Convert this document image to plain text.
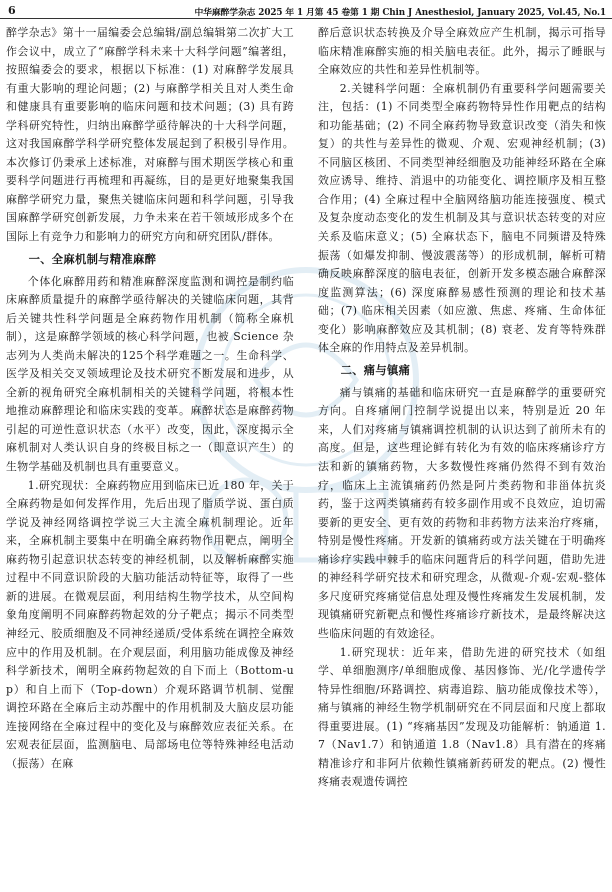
6	中华麻醉学杂志 2025 年 1 月第 45 卷第 1 期 Chin J Anesthesiol, January 2025, Vol.45, No.1

醉学杂志》第十一届编委会总编辑/副总编辑第二次扩大工作会议中，成立了“麻醉学科未来十大科学问题”编著组，按照编委会的要求，根据以下标准：(1) 对麻醉学发展具有重大影响的理论问题；(2) 与麻醉学相关且对人类生命和健康具有重要影响的临床问题和技术问题；(3) 具有跨学科研究特性，归纳出麻醉学亟待解决的十大科学问题，这对我国麻醉学科学研究整体发展起到了积极引导作用。本次修订仍秉承上述标准，对麻醉与围术期医学核心和重要科学问题进行再梳理和再凝练，目的是更好地聚集我国麻醉学研究力量，聚焦关键临床问题和科学问题，引导我国麻醉学研究创新发展，力争未来在若干领域形成多个在国际上有竞争力和影响力的研究方向和研究团队/群体。

一、全麻机制与精准麻醉

个体化麻醉用药和精准麻醉深度监测和调控是制约临床麻醉质量提升的麻醉学亟待解决的关键临床问题，其背后关键共性科学问题是全麻药物作用机制（简称全麻机制），这是麻醉学领域的核心科学问题，也被 Science 杂志列为人类尚未解决的125个科学难题之一。生命科学、医学及相关交叉领域理论及技术研究不断发展和进步，从全新的视角研究全麻机制相关的关键科学问题，将根本性地推动麻醉理论和临床实践的变革。麻醉状态是麻醉药物引起的可逆性意识状态（水平）改变，因此，深度揭示全麻机制对人类认识自身的终极目标之一（即意识产生）的生物学基础及机制也具有重要意义。

1.研究现状：全麻药物应用到临床已近 180 年，关于全麻药物是如何发挥作用，先后出现了脂质学说、蛋白质学说及神经网络调控学说三大主流全麻机制理论。近年来，全麻机制主要集中在明确全麻药物作用靶点，阐明全麻药物引起意识状态转变的神经机制，以及解析麻醉实施过程中不同意识阶段的大脑功能活动特征等，取得了一些新的进展。在微观层面，利用结构生物学技术，从空间构象角度阐明不同麻醉药物起效的分子靶点；揭示不同类型神经元、胶质细胞及不同神经递质/受体系统在调控全麻效应中的作用及机制。在介观层面，利用脑功能成像及神经科学新技术，阐明全麻药物起效的自下而上（Bottom-up）和自上而下（Top-down）介观环路调节机制、觉醒调控环路在全麻后主动苏醒中的作用机制及大脑皮层功能连接网络在全麻过程中的变化及与麻醉效应表征关系。在宏观表征层面，监测脑电、局部场电位等特殊神经电活动（振荡）在麻

醉后意识状态转换及介导全麻效应产生机制，揭示可指导临床精准麻醉实施的相关脑电表征。此外，揭示了睡眠与全麻效应的共性和差异性机制等。

2.关键科学问题：全麻机制仍有重要科学问题需要关注，包括：(1) 不同类型全麻药物特异性作用靶点的结构和功能基础；(2) 不同全麻药物导致意识改变（消失和恢复）的共性与差异性的微观、介观、宏观神经机制；(3) 不同脑区核团、不同类型神经细胞及功能神经环路在全麻效应诱导、维持、消退中的功能变化、调控顺序及相互整合作用；(4) 全麻过程中全脑网络脑功能连接强度、模式及复杂度动态变化的发生机制及其与意识状态转变的对应关系及临床意义；(5) 全麻状态下，脑电不同频谱及特殊振荡（如爆发抑制、慢波震荡等）的形成机制，解析可精确反映麻醉深度的脑电表征，创新开发多模态融合麻醉深度监测算法；(6) 深度麻醉易感性预测的理论和技术基础；(7) 临床相关因素（如应激、焦虑、疼痛、生命体征变化）影响麻醉效应及其机制；(8) 衰老、发育等特殊群体全麻的作用特点及差异机制。

二、痛与镇痛

痛与镇痛的基础和临床研究一直是麻醉学的重要研究方向。自疼痛闸门控制学说提出以来，特别是近 20 年来，人们对疼痛与镇痛调控机制的认识达到了前所未有的高度。但是，这些理论鲜有转化为有效的临床疼痛诊疗方法和新的镇痛药物，大多数慢性疼痛仍然得不到有效治疗，临床上主流镇痛药仍然是阿片类药物和非甾体抗炎药，鉴于这两类镇痛药有较多副作用或不良效应，迫切需要新的更安全、更有效的药物和非药物方法来治疗疼痛，特别是慢性疼痛。开发新的镇痛药或方法关键在于明确疼痛诊疗实践中棘手的临床问题背后的科学问题，借助先进的神经科学研究技术和研究理念，从微观-介观-宏观-整体多尺度研究疼痛觉信息处理及慢性疼痛发生发展机制，发现镇痛研究新靶点和慢性疼痛诊疗新技术，是最终解决这些临床问题的有效途径。

1.研究现状：近年来，借助先进的研究技术（如组学、单细胞测序/单细胞成像、基因修饰、光/化学遗传学特异性细胞/环路调控、病毒追踪、脑功能成像技术等），痛与镇痛的神经生物学机制研究在不同层面和尺度上都取得重要进展。(1) “疼痛基因”发现及功能解析：钠通道 1.7（Nav1.7）和钠通道 1.8（Nav1.8）具有潜在的疼痛精准诊疗和非阿片依赖性镇痛新药研发的靶点。(2) 慢性疼痛表观遗传调控
